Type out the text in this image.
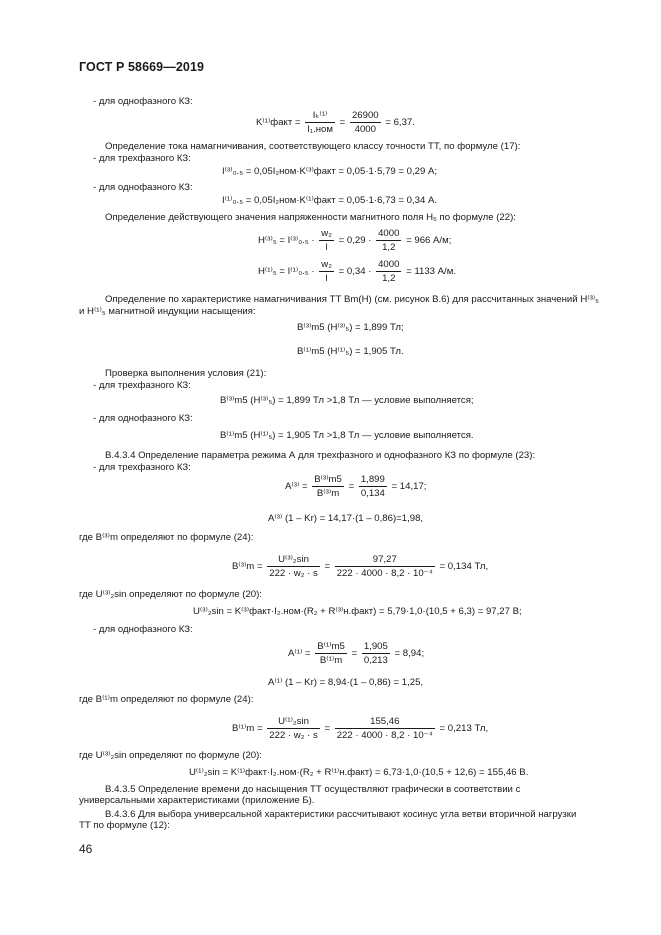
ГОСТ Р 58669—2019
- для однофазного КЗ:
K⁽¹⁾факт = $\frac{\text{Iₖ⁽¹⁾}}{\text{I₁.ном}} = \frac{26900}{4000} = 6,37$.
Определение тока намагничивания, соответствующего классу точности ТТ, по формуле (17):
- для трехфазного КЗ:
I⁽³⁾₀.₅ = 0,05I₂ном·K⁽³⁾факт = 0,05·1·5,79 = 0,29 А;
- для однофазного КЗ:
I⁽¹⁾₀.₅ = 0,05I₂ном·K⁽¹⁾факт = 0,05·1·6,73 = 0,34 А.
Определение действующего значения напряженности магнитного поля H₅ по формуле (22):
$H^{(3)}_5 = I^{(3)}_0._5 \cdot \frac{\text{w₂}}{l} = 0,29 \cdot \frac{4000}{1,2} = 966$ А/м;
$H^{(1)}_5 = I^{(1)}_0._5 \cdot \frac{\text{w₂}}{l} = 0,34 \cdot \frac{4000}{1,2} = 1133$ А/м.
Определение по характеристике намагничивания ТТ Bm(H) (см. рисунок В.6) для рассчитанных значений H⁽³⁾₅
и H⁽¹⁾₅ магнитной индукции насыщения:
B⁽³⁾m5 (H⁽³⁾₅) = 1,899 Тл;
B⁽¹⁾m5 (H⁽¹⁾₅) = 1,905 Тл.
Проверка выполнения условия (21):
- для трехфазного КЗ:
B⁽³⁾m5 (H⁽³⁾₅) = 1,899 Тл >1,8 Тл — условие выполняется;
- для однофазного КЗ:
B⁽¹⁾m5 (H⁽¹⁾₅) = 1,905 Тл >1,8 Тл — условие выполняется.
В.4.3.4 Определение параметра режима А для трехфазного и однофазного КЗ по формуле (23):
- для трехфазного КЗ:
$A^{(3)} = \frac{\text{B⁽³⁾m5}}{\text{B⁽³⁾m}} = \frac{1,899}{0,134} = 14,17$;
A⁽³⁾ (1 – Kr) = 14,17·(1 – 0,86)=1,98,
где B⁽³⁾m определяют по формуле (24):
$B^{(3)}m = \frac{\text{U⁽³⁾₂sin}}{\text{222 · w₂ · s}} = \frac{97,27}{\text{222 · 4000 · 8,2 · 10⁻⁴}} = 0,134$ Тл,
где U⁽³⁾₂sin определяют по формуле (20):
U⁽³⁾₂sin = K⁽³⁾факт·I₂.ном·(R₂ + R⁽³⁾н.факт) = 5,79·1,0·(10,5 + 6,3) = 97,27 В;
- для однофазного КЗ:
$A^{(1)} = \frac{\text{B⁽¹⁾m5}}{\text{B⁽¹⁾m}} = \frac{1,905}{0,213} = 8,94$;
A⁽¹⁾ (1 – Kr) = 8,94·(1 – 0,86) = 1,25,
где B⁽¹⁾m определяют по формуле (24):
$B^{(1)}m = \frac{\text{U⁽¹⁾₂sin}}{\text{222 · w₂ · s}} = \frac{155,46}{\text{222 · 4000 · 8,2 · 10⁻⁴}} = 0,213$ Тл,
где U⁽³⁾₂sin определяют по формуле (20):
U⁽¹⁾₂sin = K⁽¹⁾факт·I₂.ном·(R₂ + R⁽¹⁾н.факт) = 6,73·1,0·(10,5 + 12,6) = 155,46 В.
В.4.3.5 Определение времени до насыщения ТТ осуществляют графически в соответствии с универсальными характеристиками (приложение Б).
В.4.3.6 Для выбора универсальной характеристики рассчитывают косинус угла ветви вторичной нагрузки ТТ по формуле (12):
46
